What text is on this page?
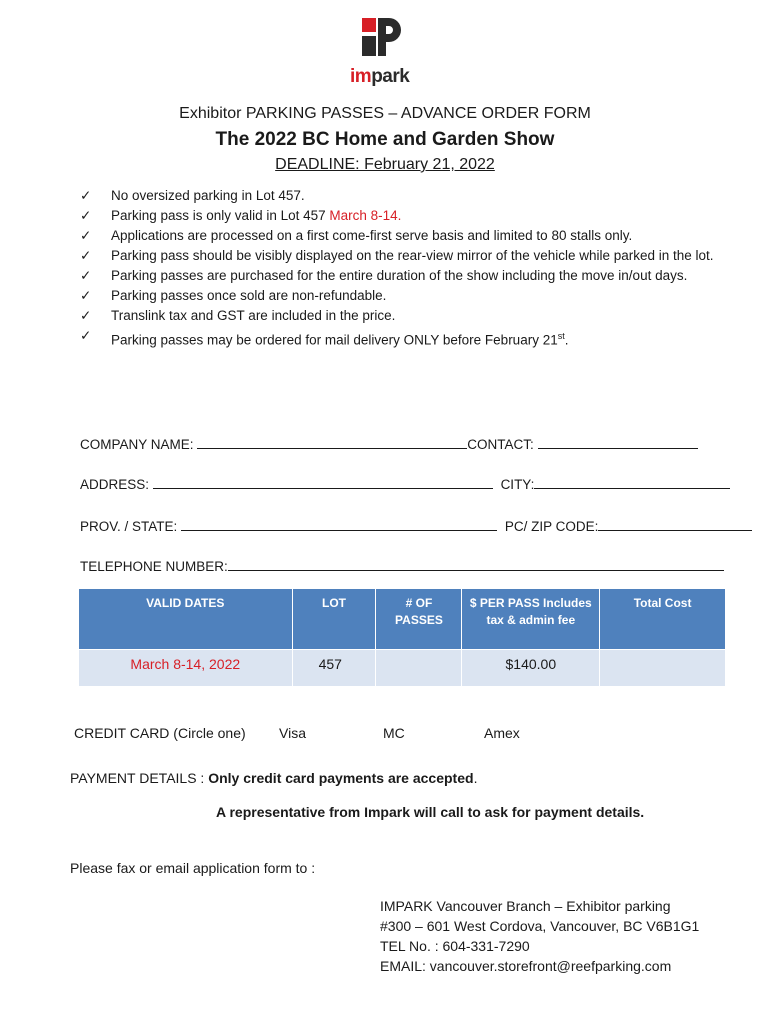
impark
Exhibitor PARKING PASSES – ADVANCE ORDER FORM
The 2022 BC Home and Garden Show
DEADLINE: February 21, 2022
✓ No oversized parking in Lot 457.
✓ Parking pass is only valid in Lot 457 March 8-14.
✓ Applications are processed on a first come-first serve basis and limited to 80 stalls only.
✓ Parking pass should be visibly displayed on the rear-view mirror of the vehicle while parked in the lot.
✓ Parking passes are purchased for the entire duration of the show including the move in/out days.
✓ Parking passes once sold are non-refundable.
✓ Translink tax and GST are included in the price.
✓ Parking passes may be ordered for mail delivery ONLY before February 21st.
COMPANY NAME:	CONTACT:
ADDRESS:	CITY:
PROV. / STATE:	PC/ ZIP CODE:
TELEPHONE NUMBER:
VALID DATES	LOT	# OF PASSES	$ PER PASS Includes tax & admin fee	Total Cost
March 8-14, 2022	457		$140.00	
CREDIT CARD (Circle one) Visa	MC	Amex
PAYMENT DETAILS : Only credit card payments are accepted.
A representative from Impark will call to ask for payment details.
Please fax or email application form to :
IMPARK Vancouver Branch – Exhibitor parking
#300 – 601 West Cordova, Vancouver, BC V6B1G1
TEL No. : 604-331-7290
EMAIL: vancouver.storefront@reefparking.com
